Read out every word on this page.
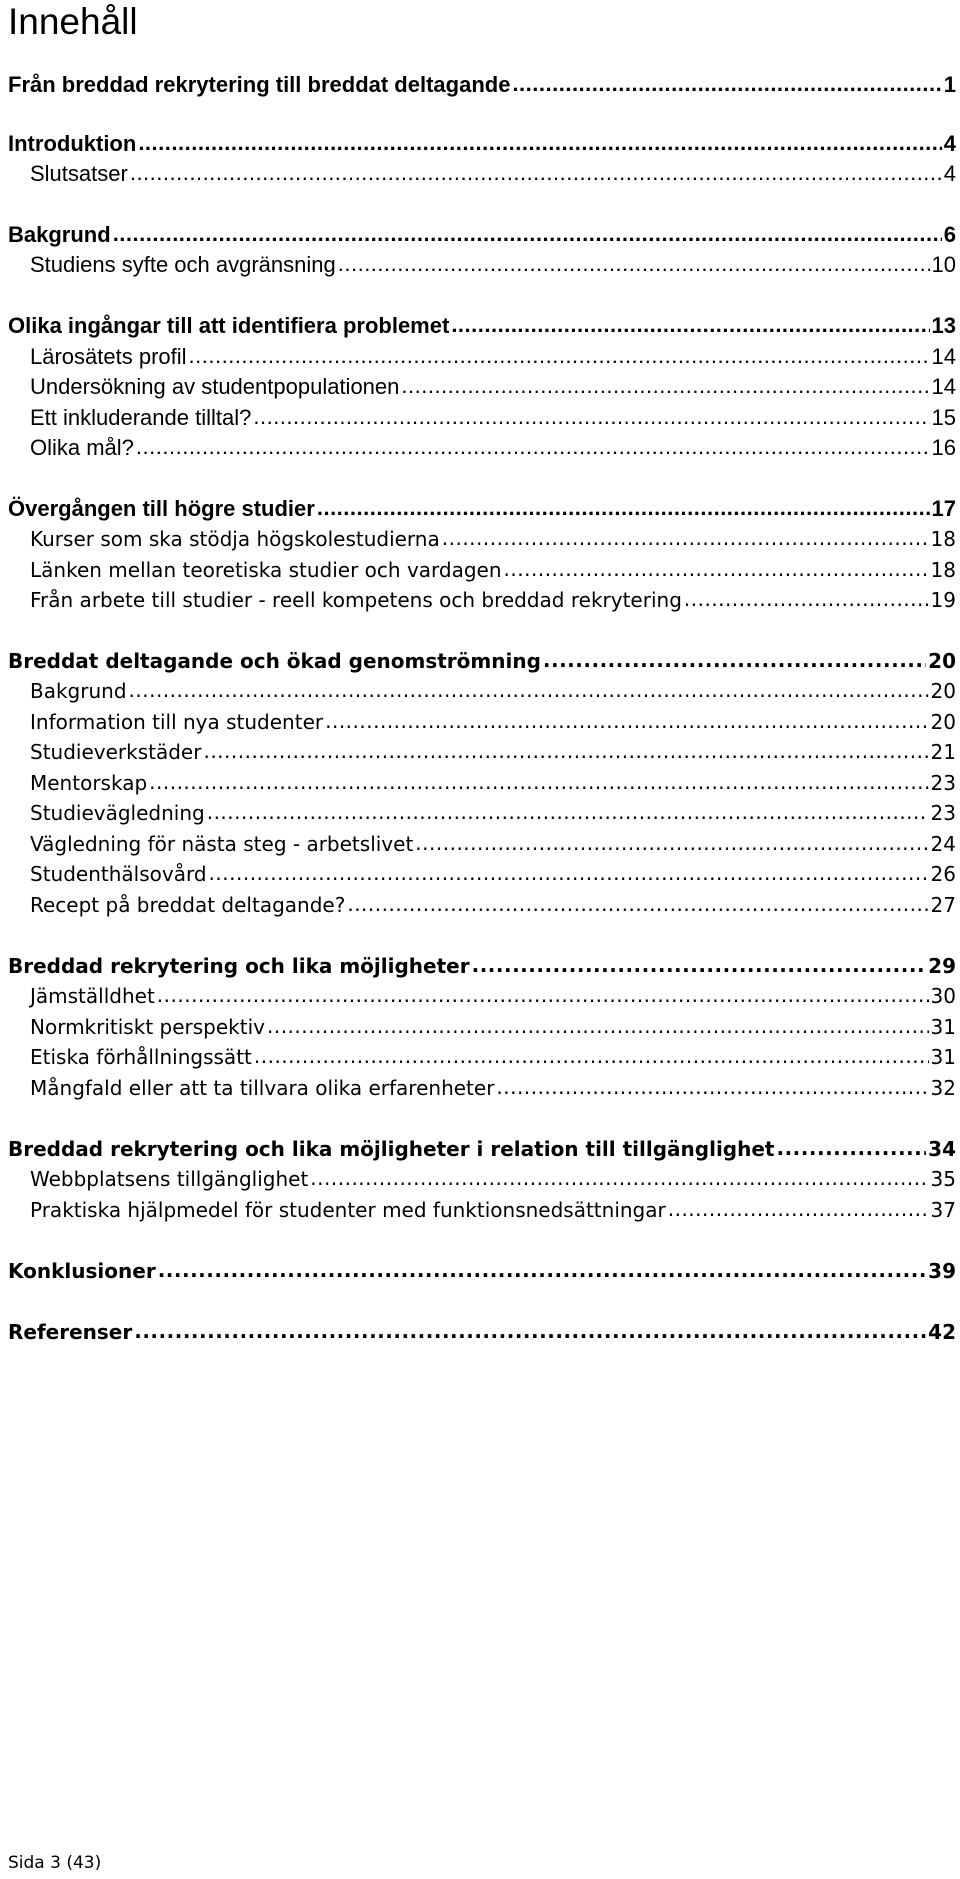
Innehåll
Från breddad rekrytering till breddat deltagande .....	1
Introduktion .....	4
Slutsatser .....	4
Bakgrund .....	6
Studiens syfte och avgränsning .....	10
Olika ingångar till att identifiera problemet .....	13
Lärosätets profil .....	14
Undersökning av studentpopulationen .....	14
Ett inkluderande tilltal? .....	15
Olika mål? .....	16
Övergången till högre studier .....	17
Kurser som ska stödja högskolestudierna .....	18
Länken mellan teoretiska studier och vardagen .....	18
Från arbete till studier - reell kompetens och breddad rekrytering .....	19
Breddat deltagande och ökad genomströmning .....	20
Bakgrund .....	20
Information till nya studenter .....	20
Studieverkstäder .....	21
Mentorskap .....	23
Studievägledning .....	23
Vägledning för nästa steg - arbetslivet .....	24
Studenthälsovård .....	26
Recept på breddat deltagande? .....	27
Breddad rekrytering och lika möjligheter .....	29
Jämställdhet .....	30
Normkritiskt perspektiv .....	31
Etiska förhållningssätt .....	31
Mångfald eller att ta tillvara olika erfarenheter .....	32
Breddad rekrytering och lika möjligheter i relation till tillgänglighet .....	34
Webbplatsens tillgänglighet .....	35
Praktiska hjälpmedel för studenter med funktionsnedsättningar .....	37
Konklusioner .....	39
Referenser .....	42
Sida 3 (43)
